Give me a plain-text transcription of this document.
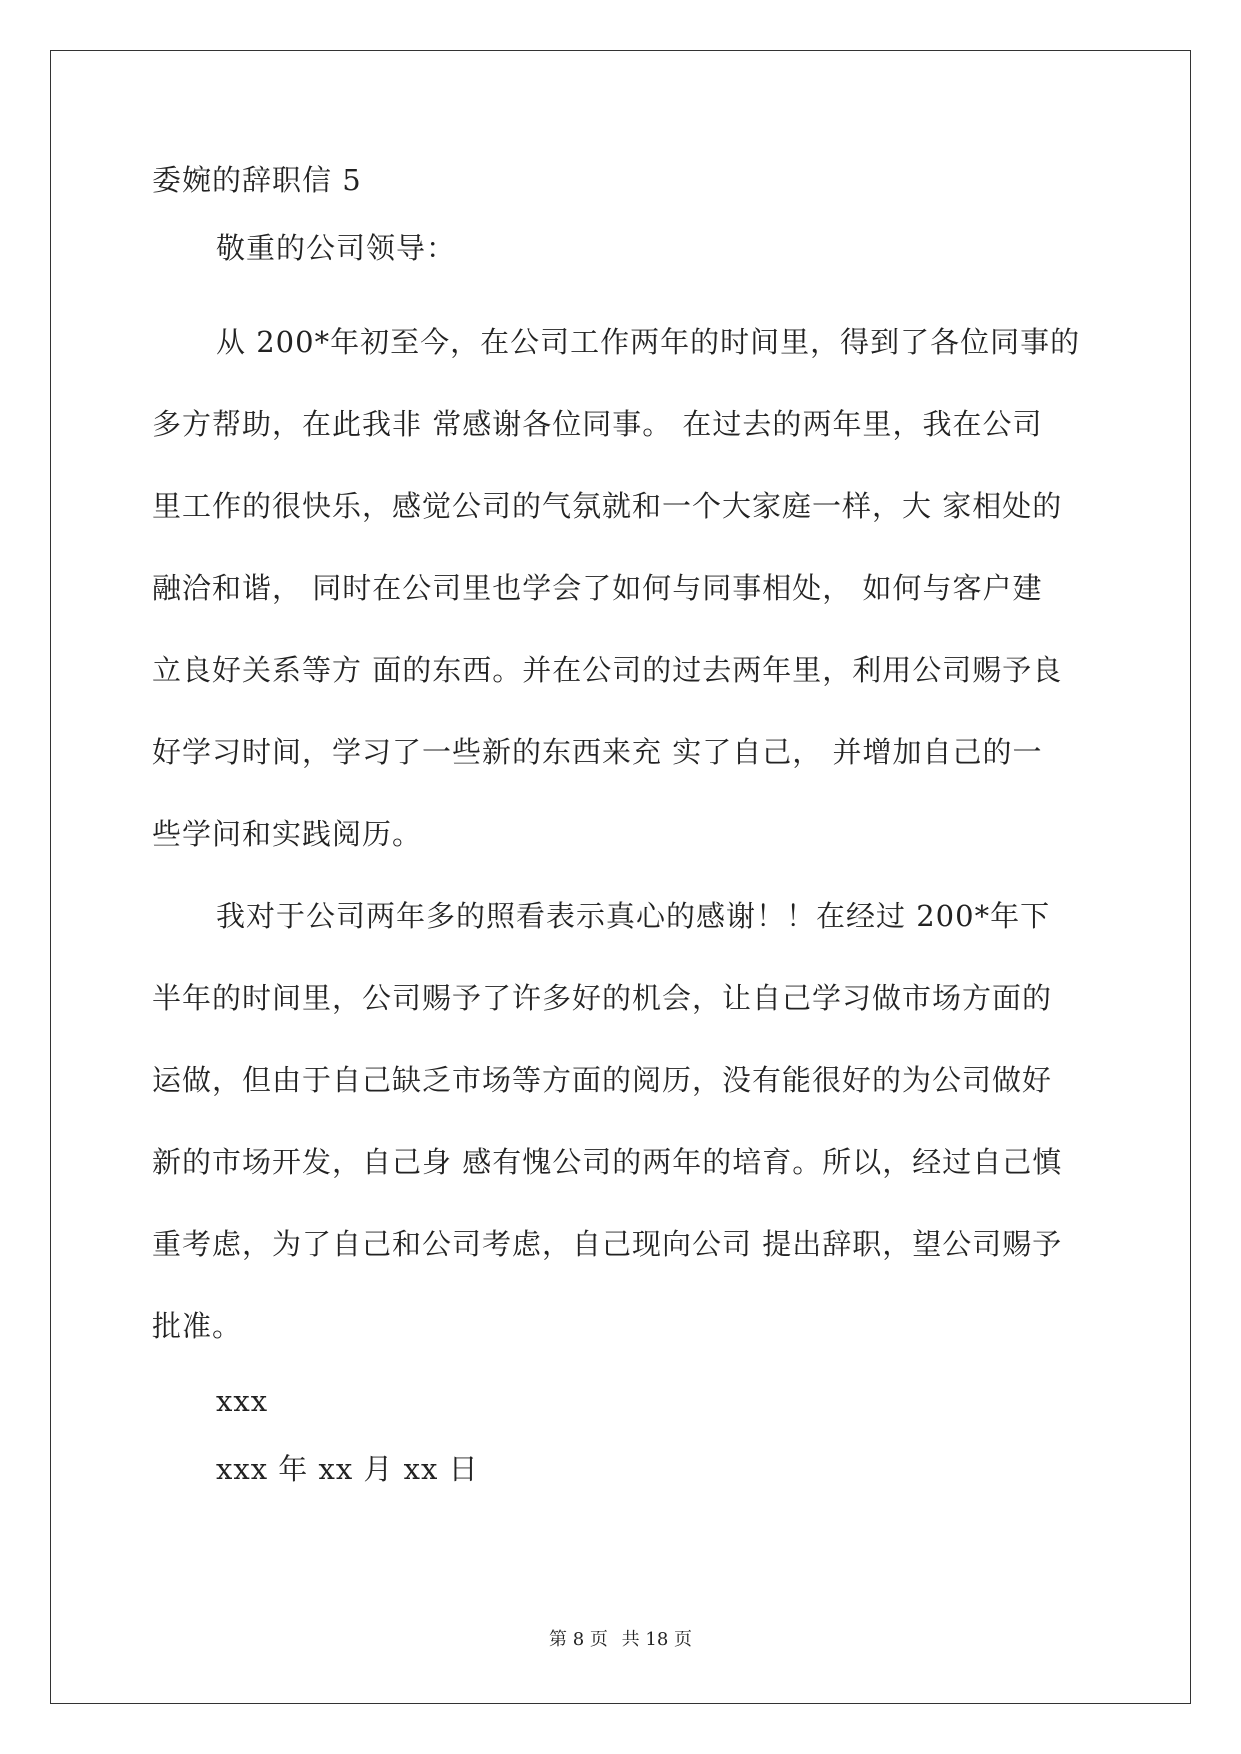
委婉的辞职信 5
敬重的公司领导：
从 200*年初至今，在公司工作两年的时间里，得到了各位同事的
多方帮助，在此我非 常感谢各位同事。 在过去的两年里，我在公司
里工作的很快乐，感觉公司的气氛就和一个大家庭一样，大 家相处的
融洽和谐， 同时在公司里也学会了如何与同事相处， 如何与客户建
立良好关系等方 面的东西。并在公司的过去两年里，利用公司赐予良
好学习时间，学习了一些新的东西来充 实了自己， 并增加自己的一
些学问和实践阅历。
我对于公司两年多的照看表示真心的感谢！！在经过 200*年下
半年的时间里，公司赐予了许多好的机会，让自己学习做市场方面的
运做，但由于自己缺乏市场等方面的阅历，没有能很好的为公司做好
新的市场开发，自己身 感有愧公司的两年的培育。所以，经过自己慎
重考虑，为了自己和公司考虑，自己现向公司 提出辞职，望公司赐予
批准。
xxx
xxx 年 xx 月 xx 日
第 8 页 共 18 页
